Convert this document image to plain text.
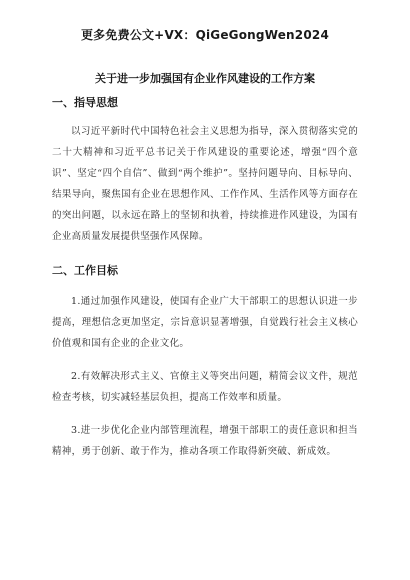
更多免费公文+VX：QiGeGongWen2024
关于进一步加强国有企业作风建设的工作方案
一、指导思想

以习近平新时代中国特色社会主义思想为指导，深入贯彻落实党的二十大精神和习近平总书记关于作风建设的重要论述，增强“四个意识”、坚定“四个自信”、做到“两个维护”。坚持问题导向、目标导向、结果导向，聚焦国有企业在思想作风、工作作风、生活作风等方面存在的突出问题，以永远在路上的坚韧和执着，持续推进作风建设，为国有企业高质量发展提供坚强作风保障。

二、工作目标

1.通过加强作风建设，使国有企业广大干部职工的思想认识进一步提高，理想信念更加坚定，宗旨意识显著增强，自觉践行社会主义核心价值观和国有企业的企业文化。

2.有效解决形式主义、官僚主义等突出问题，精简会议文件，规范检查考核，切实减轻基层负担，提高工作效率和质量。

3.进一步优化企业内部管理流程，增强干部职工的责任意识和担当精神，勇于创新、敢于作为，推动各项工作取得新突破、新成效。
